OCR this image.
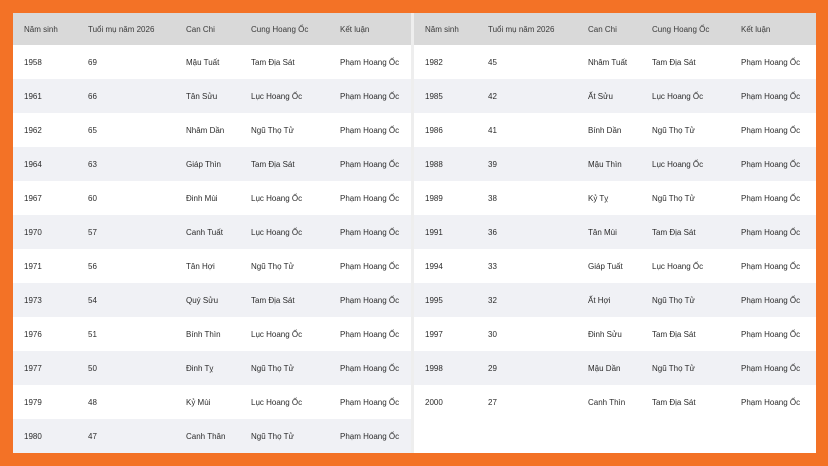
Năm sinh	Tuổi mụ năm 2026	Can Chi	Cung Hoang Ốc	Kết luận
1958	69	Mậu Tuất	Tam Địa Sát	Phạm Hoang Ốc
1961	66	Tân Sửu	Lục Hoang Ốc	Phạm Hoang Ốc
1962	65	Nhâm Dần	Ngũ Thọ Tử	Phạm Hoang Ốc
1964	63	Giáp Thìn	Tam Địa Sát	Phạm Hoang Ốc
1967	60	Đinh Mùi	Lục Hoang Ốc	Phạm Hoang Ốc
1970	57	Canh Tuất	Lục Hoang Ốc	Phạm Hoang Ốc
1971	56	Tân Hợi	Ngũ Thọ Tử	Phạm Hoang Ốc
1973	54	Quý Sửu	Tam Địa Sát	Phạm Hoang Ốc
1976	51	Bính Thìn	Lục Hoang Ốc	Phạm Hoang Ốc
1977	50	Đinh Tỵ	Ngũ Thọ Tử	Phạm Hoang Ốc
1979	48	Kỷ Mùi	Lục Hoang Ốc	Phạm Hoang Ốc
1980	47	Canh Thân	Ngũ Thọ Tử	Phạm Hoang Ốc
Năm sinh	Tuổi mụ năm 2026	Can Chi	Cung Hoang Ốc	Kết luận
1982	45	Nhâm Tuất	Tam Địa Sát	Phạm Hoang Ốc
1985	42	Ất Sửu	Lục Hoang Ốc	Phạm Hoang Ốc
1986	41	Bính Dần	Ngũ Thọ Tử	Phạm Hoang Ốc
1988	39	Mậu Thìn	Lục Hoang Ốc	Phạm Hoang Ốc
1989	38	Kỷ Tỵ	Ngũ Thọ Tử	Phạm Hoang Ốc
1991	36	Tân Mùi	Tam Địa Sát	Phạm Hoang Ốc
1994	33	Giáp Tuất	Lục Hoang Ốc	Phạm Hoang Ốc
1995	32	Ất Hợi	Ngũ Thọ Tử	Phạm Hoang Ốc
1997	30	Đinh Sửu	Tam Địa Sát	Phạm Hoang Ốc
1998	29	Mậu Dần	Ngũ Thọ Tử	Phạm Hoang Ốc
2000	27	Canh Thìn	Tam Địa Sát	Phạm Hoang Ốc
